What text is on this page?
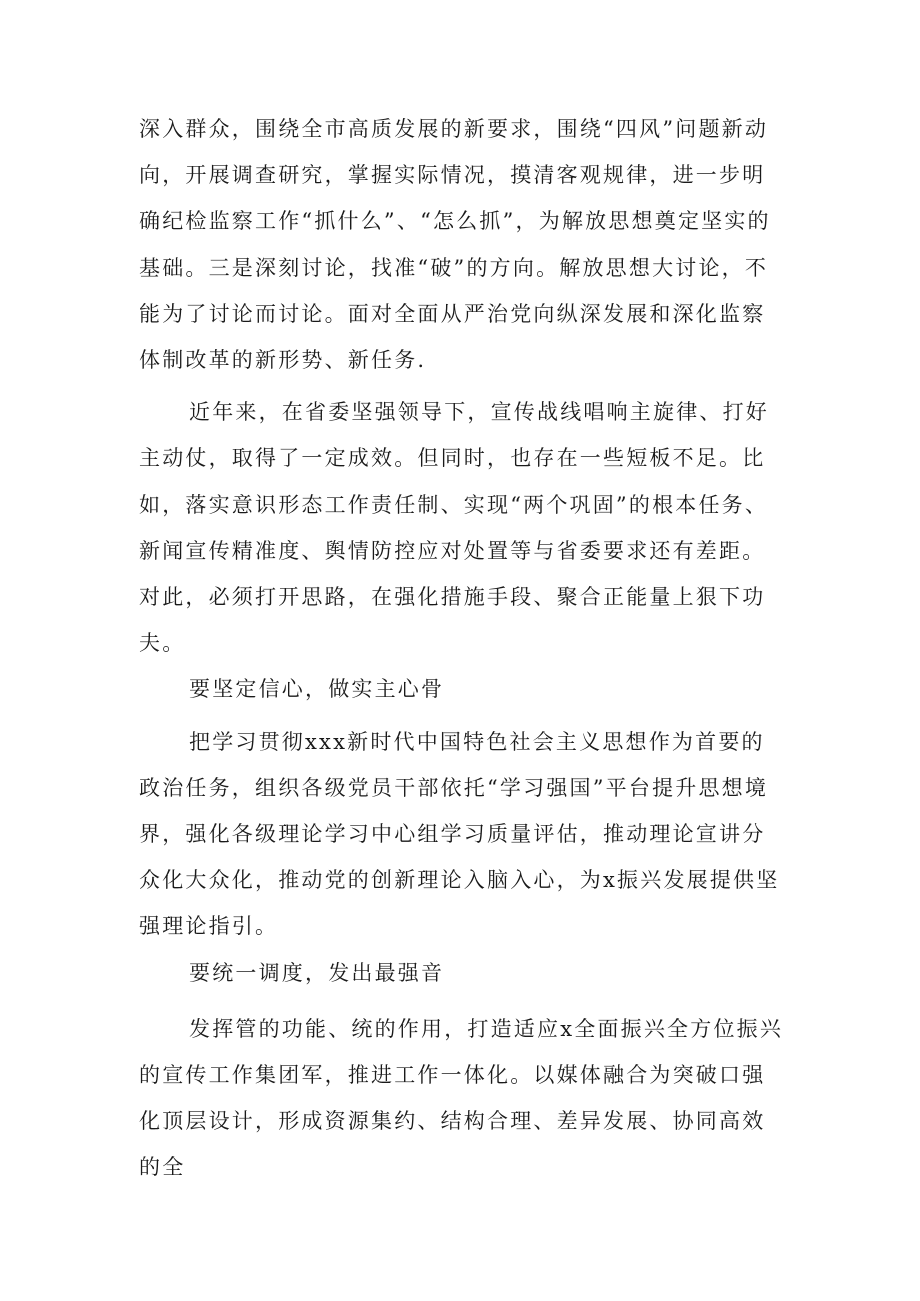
深入群众，围绕全市高质发展的新要求，围绕“四风”问题新动向，开展调查研究，掌握实际情况，摸清客观规律，进一步明确纪检监察工作“抓什么”、“怎么抓”，为解放思想奠定坚实的基础。三是深刻讨论，找准“破”的方向。解放思想大讨论，不能为了讨论而讨论。面对全面从严治党向纵深发展和深化监察体制改革的新形势、新任务.

近年来，在省委坚强领导下，宣传战线唱响主旋律、打好主动仗，取得了一定成效。但同时，也存在一些短板不足。比如，落实意识形态工作责任制、实现“两个巩固”的根本任务、新闻宣传精准度、舆情防控应对处置等与省委要求还有差距。对此，必须打开思路，在强化措施手段、聚合正能量上狠下功夫。

要坚定信心，做实主心骨

把学习贯彻xxx新时代中国特色社会主义思想作为首要的政治任务，组织各级党员干部依托“学习强国”平台提升思想境界，强化各级理论学习中心组学习质量评估，推动理论宣讲分众化大众化，推动党的创新理论入脑入心，为x振兴发展提供坚强理论指引。

要统一调度，发出最强音

发挥管的功能、统的作用，打造适应x全面振兴全方位振兴的宣传工作集团军，推进工作一体化。以媒体融合为突破口强化顶层设计，形成资源集约、结构合理、差异发展、协同高效的全
